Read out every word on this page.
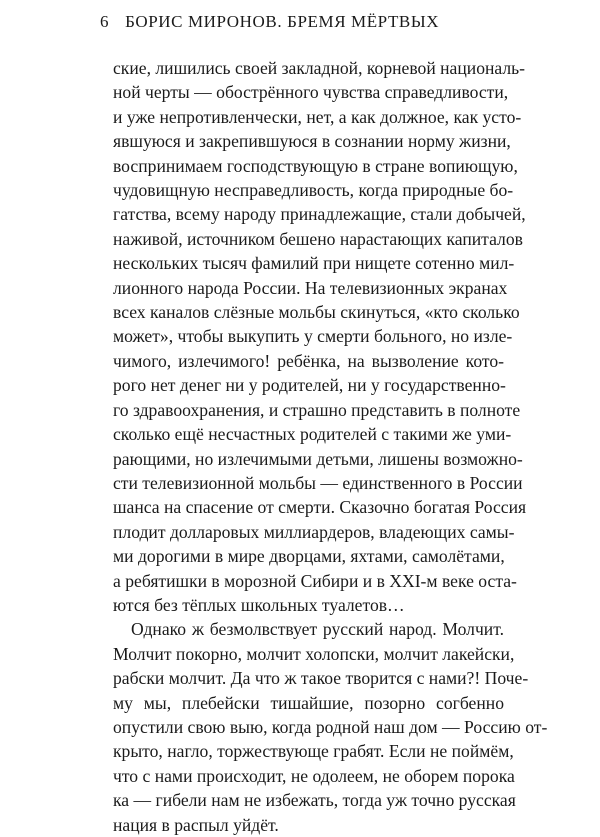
6 БОРИС МИРОНОВ. БРЕМЯ МЁРТВЫХ
ские, лишились своей закладной, корневой националь-
ной черты — обострённого чувства справедливости,
и уже непротивленчески, нет, а как должное, как усто-
явшуюся и закрепившуюся в сознании норму жизни,
воспринимаем господствующую в стране вопиющую,
чудовищную несправедливость, когда природные бо-
гатства, всему народу принадлежащие, стали добычей,
наживой, источником бешено нарастающих капиталов
нескольких тысяч фамилий при нищете сотенно мил-
лионного народа России. На телевизионных экранах
всех каналов слёзные мольбы скинуться, «кто сколько
может», чтобы выкупить у смерти больного, но излe-
чимого, излечимого! ребёнка, на вызволение кото-
рого нет денег ни у родителей, ни у государственно-
го здравоохранения, и страшно представить в полноте
сколько ещё несчастных родителей с такими же уми-
рающими, но излечимыми детьми, лишены возможно-
сти телевизионной мольбы — единственного в России
шанса на спасение от смерти. Сказочно богатая Россия
плодит долларовых миллиардеров, владеющих самы-
ми дорогими в мире дворцами, яхтами, самолётами,
а ребятишки в морозной Сибири и в XXI-м веке оста-
ются без тёплых школьных туалетов…
Однако ж безмолвствует русский народ. Молчит.
Молчит покорно, молчит холопски, молчит лакейски,
рабски молчит. Да что ж такое творится с нами?! Почe-
му мы, плебейски тишайшие, позорно согбенно
опустили свою выю, когда родной наш дом — Россию от-
крыто, нагло, торжествующе грабят. Если не поймём,
что с нами происходит, не одолеем, не оборем порока
ка — гибели нам не избежать, тогда уж точно русская
нация в распыл уйдёт.
